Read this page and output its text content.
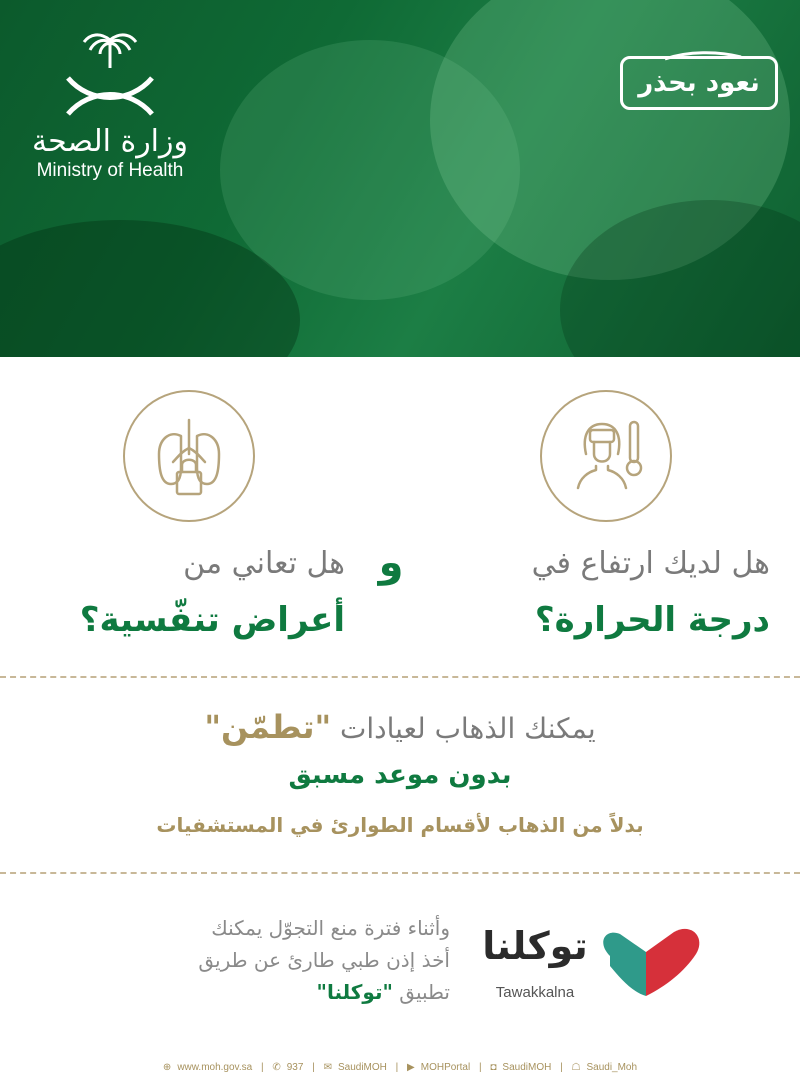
وزارة الصحة
Ministry of Health
نعود بحذر
هل لديك ارتفاع في
درجة الحرارة؟
و
هل تعاني من
أعراض تنفّسية؟
يمكنك الذهاب لعيادات "تطمّن"
بدون موعد مسبق
بدلاً من الذهاب لأقسام الطوارئ في المستشفيات
توكلنا
Tawakkalna
وأثناء فترة منع التجوّل يمكنك
أخذ إذن طبي طارئ عن طريق
تطبيق "توكلنا"
⊕ www.moh.gov.sa | ✆ 937 | ✉ SaudiMOH | ▶ MOHPortal | ◘ SaudiMOH | ☖ Saudi_Moh
